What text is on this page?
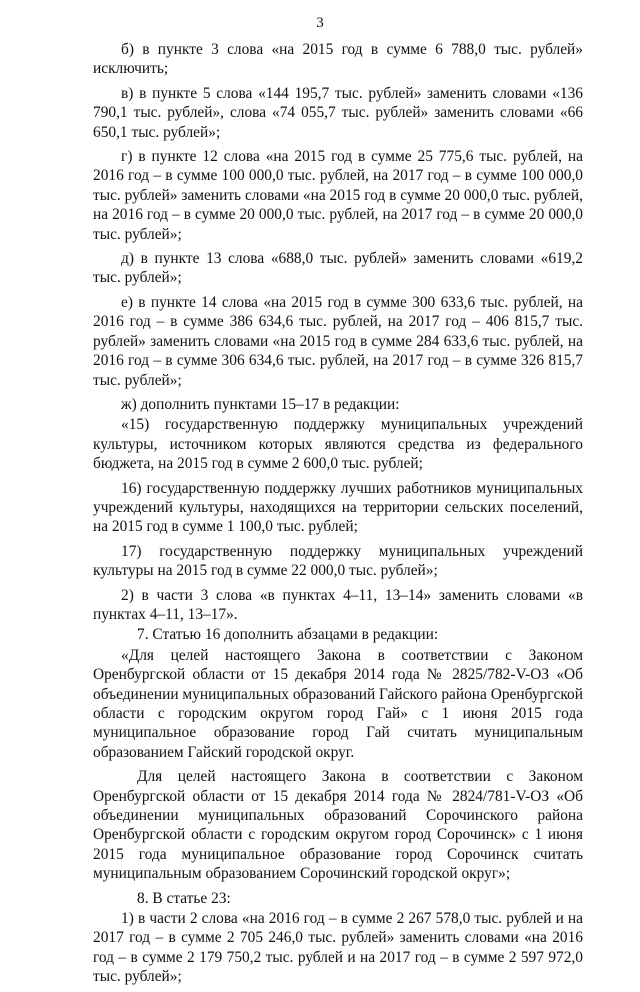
3

б) в пункте 3 слова «на 2015 год в сумме 6 788,0 тыс. рублей» исключить;

в) в пункте 5 слова «144 195,7 тыс. рублей» заменить словами «136 790,1 тыс. рублей», слова «74 055,7 тыс. рублей» заменить словами «66 650,1 тыс. рублей»;

г) в пункте 12 слова «на 2015 год в сумме 25 775,6 тыс. рублей, на 2016 год – в сумме 100 000,0 тыс. рублей, на 2017 год – в сумме 100 000,0 тыс. рублей» заменить словами «на 2015 год в сумме 20 000,0 тыс. рублей, на 2016 год – в сумме 20 000,0 тыс. рублей, на 2017 год – в сумме 20 000,0 тыс. рублей»;

д) в пункте 13 слова «688,0 тыс. рублей» заменить словами «619,2 тыс. рублей»;

е) в пункте 14 слова «на 2015 год в сумме 300 633,6 тыс. рублей, на 2016 год – в сумме 386 634,6 тыс. рублей, на 2017 год – 406 815,7 тыс. рублей» заменить словами «на 2015 год в сумме 284 633,6 тыс. рублей, на 2016 год – в сумме 306 634,6 тыс. рублей, на 2017 год – в сумме 326 815,7 тыс. рублей»;

ж) дополнить пунктами 15–17 в редакции:

«15) государственную поддержку муниципальных учреждений культуры, источником которых являются средства из федерального бюджета, на 2015 год в сумме 2 600,0 тыс. рублей;

16) государственную поддержку лучших работников муниципальных учреждений культуры, находящихся на территории сельских поселений, на 2015 год в сумме 1 100,0 тыс. рублей;

17) государственную поддержку муниципальных учреждений культуры на 2015 год в сумме 22 000,0 тыс. рублей»;

2) в части 3 слова «в пунктах 4–11, 13–14» заменить словами «в пунктах 4–11, 13–17».

7. Статью 16 дополнить абзацами в редакции:

«Для целей настоящего Закона в соответствии с Законом Оренбургской области от 15 декабря 2014 года № 2825/782-V-ОЗ «Об объединении муниципальных образований Гайского района Оренбургской области с городским округом город Гай» с 1 июня 2015 года муниципальное образование город Гай считать муниципальным образованием Гайский городской округ.

Для целей настоящего Закона в соответствии с Законом Оренбургской области от 15 декабря 2014 года № 2824/781-V-ОЗ «Об объединении муниципальных образований Сорочинского района Оренбургской области с городским округом город Сорочинск» с 1 июня 2015 года муниципальное образование город Сорочинск считать муниципальным образованием Сорочинский городской округ»;

8. В статье 23:

1) в части 2 слова «на 2016 год – в сумме 2 267 578,0 тыс. рублей и на 2017 год – в сумме 2 705 246,0 тыс. рублей» заменить словами «на 2016 год – в сумме 2 179 750,2 тыс. рублей и на 2017 год – в сумме 2 597 972,0 тыс. рублей»;
